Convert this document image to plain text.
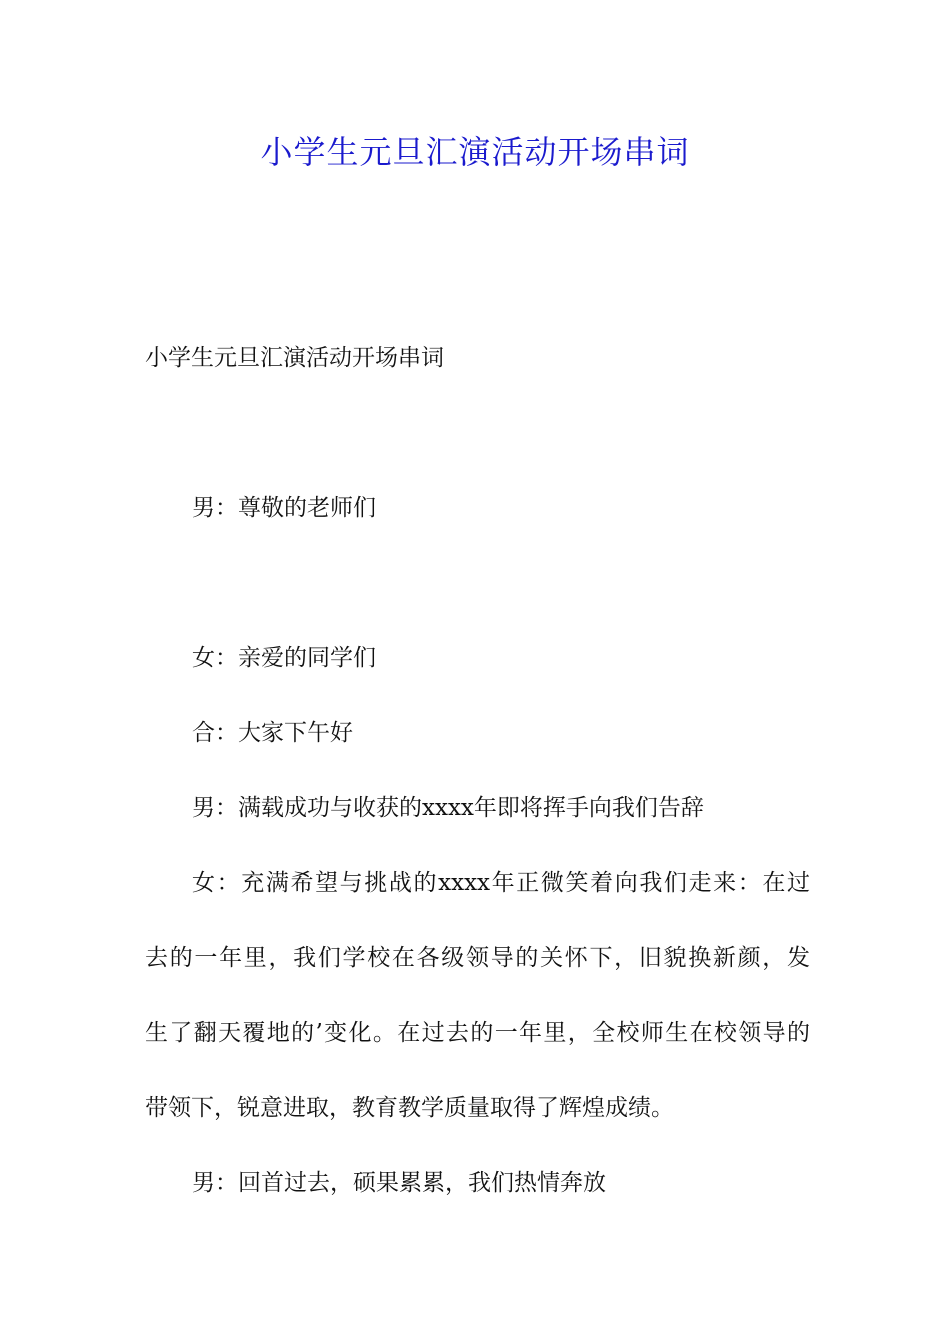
小学生元旦汇演活动开场串词
小学生元旦汇演活动开场串词
男：尊敬的老师们
女：亲爱的同学们
合：大家下午好
男：满载成功与收获的xxxx年即将挥手向我们告辞
女：充满希望与挑战的xxxx年正微笑着向我们走来：在过
去的一年里，我们学校在各级领导的关怀下，旧貌换新颜，发
生了翻天覆地的’变化。在过去的一年里，全校师生在校领导的
带领下，锐意进取，教育教学质量取得了辉煌成绩。
男：回首过去，硕果累累，我们热情奔放
